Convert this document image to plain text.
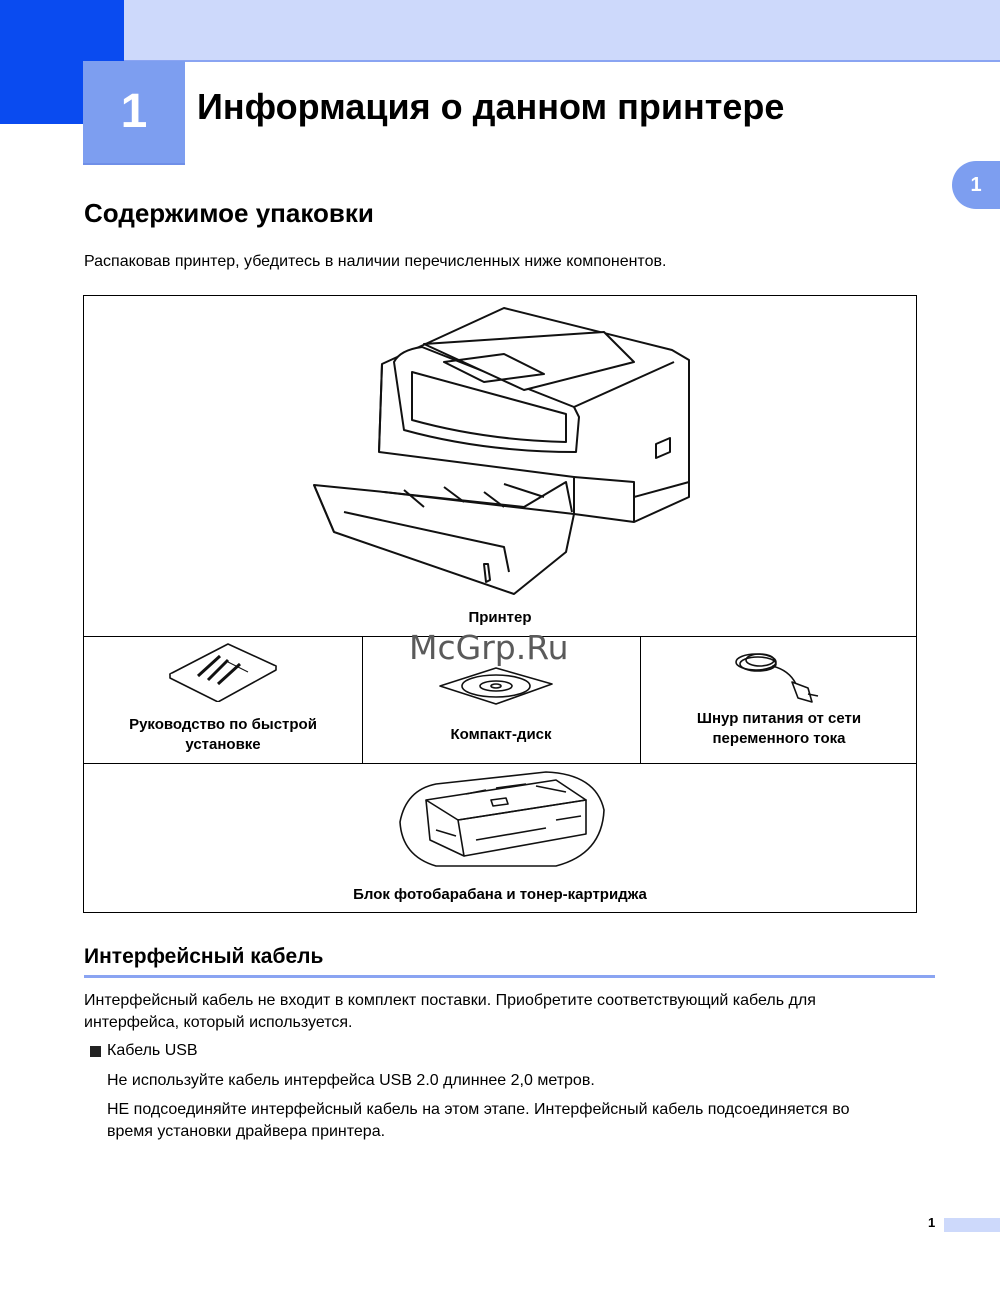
1	Информация о данном принтере
1
Содержимое упаковки
Распаковав принтер, убедитесь в наличии перечисленных ниже компонентов.
Принтер
Руководство по быстрой
установке
Компакт-диск
Шнур питания от сети
переменного тока
Блок фотобарабана и тонер-картриджа
McGrp.Ru
Интерфейсный кабель
Интерфейсный кабель не входит в комплект поставки. Приобретите соответствующий кабель для
интерфейса, который используется.
Кабель USB
Не используйте кабель интерфейса USB 2.0 длиннее 2,0 метров.
НЕ подсоединяйте интерфейсный кабель на этом этапе. Интерфейсный кабель подсоединяется во
время установки драйвера принтера.
1
